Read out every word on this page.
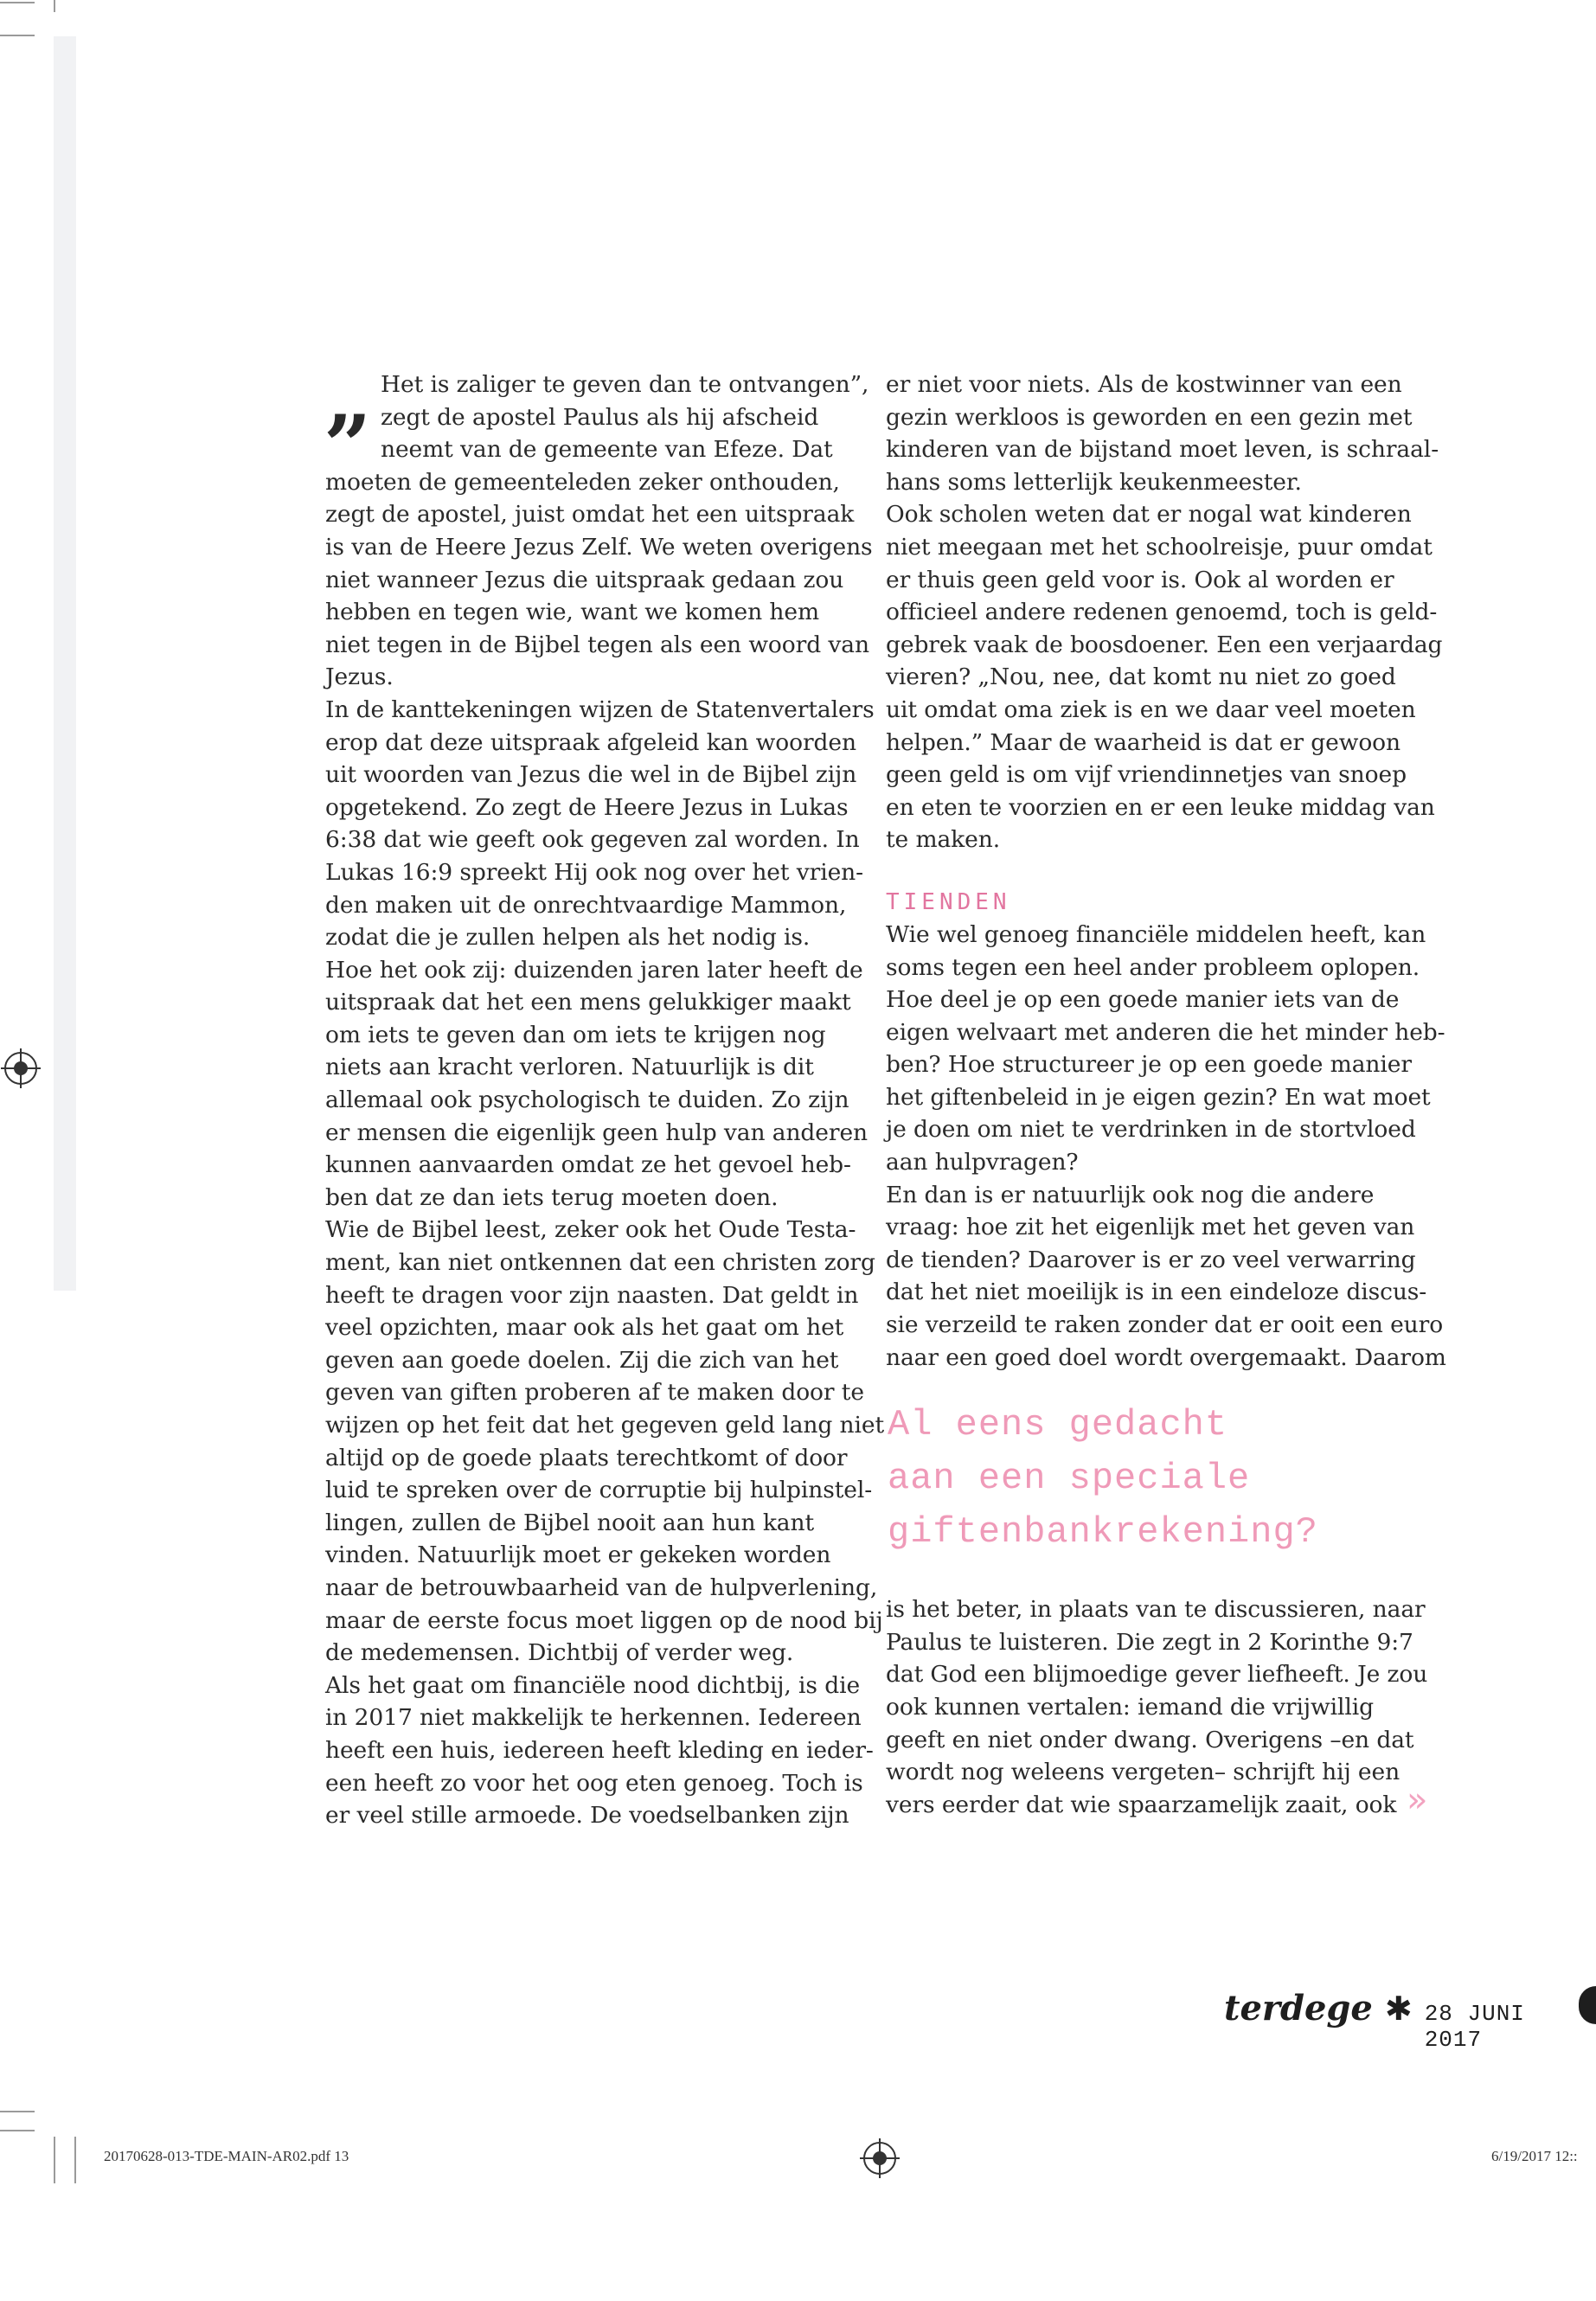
”

Het is zaliger te geven dan te ontvangen”,

zegt de apostel Paulus als hij afscheid

neemt van de gemeente van Efeze. Dat

moeten de gemeenteleden zeker onthouden,

zegt de apostel, juist omdat het een uitspraak

is van de Heere Jezus Zelf. We weten overigens

niet wanneer Jezus die uitspraak gedaan zou

hebben en tegen wie, want we komen hem

niet tegen in de Bijbel tegen als een woord van

Jezus.

In de kanttekeningen wijzen de Statenvertalers

erop dat deze uitspraak afgeleid kan woorden

uit woorden van Jezus die wel in de Bijbel zijn

opgetekend. Zo zegt de Heere Jezus in Lukas

6:38 dat wie geeft ook gegeven zal worden. In

Lukas 16:9 spreekt Hij ook nog over het vrien-

den maken uit de onrechtvaardige Mammon,

zodat die je zullen helpen als het nodig is.

Hoe het ook zij: duizenden jaren later heeft de

uitspraak dat het een mens gelukkiger maakt

om iets te geven dan om iets te krijgen nog

niets aan kracht verloren. Natuurlijk is dit

allemaal ook psychologisch te duiden. Zo zijn

er mensen die eigenlijk geen hulp van anderen

kunnen aanvaarden omdat ze het gevoel heb-

ben dat ze dan iets terug moeten doen.

Wie de Bijbel leest, zeker ook het Oude Testa-

ment, kan niet ontkennen dat een christen zorg

heeft te dragen voor zijn naasten. Dat geldt in

veel opzichten, maar ook als het gaat om het

geven aan goede doelen. Zij die zich van het

geven van giften proberen af te maken door te

wijzen op het feit dat het gegeven geld lang niet

altijd op de goede plaats terechtkomt of door

luid te spreken over de corruptie bij hulpinstel-

lingen, zullen de Bijbel nooit aan hun kant

vinden. Natuurlijk moet er gekeken worden

naar de betrouwbaarheid van de hulpverlening,

maar de eerste focus moet liggen op de nood bij

de medemensen. Dichtbij of verder weg.

Als het gaat om financiële nood dichtbij, is die

in 2017 niet makkelijk te herkennen. Iedereen

heeft een huis, iedereen heeft kleding en ieder-

een heeft zo voor het oog eten genoeg. Toch is

er veel stille armoede. De voedselbanken zijn

er niet voor niets. Als de kostwinner van een

gezin werkloos is geworden en een gezin met

kinderen van de bijstand moet leven, is schraal-

hans soms letterlijk keukenmeester.

Ook scholen weten dat er nogal wat kinderen

niet meegaan met het schoolreisje, puur omdat

er thuis geen geld voor is. Ook al worden er

officieel andere redenen genoemd, toch is geld-

gebrek vaak de boosdoener. Een een verjaardag

vieren? „Nou, nee, dat komt nu niet zo goed

uit omdat oma ziek is en we daar veel moeten

helpen.” Maar de waarheid is dat er gewoon

geen geld is om vijf vriendinnetjes van snoep

en eten te voorzien en er een leuke middag van

te maken.

TIENDEN

Wie wel genoeg financiële middelen heeft, kan

soms tegen een heel ander probleem oplopen.

Hoe deel je op een goede manier iets van de

eigen welvaart met anderen die het minder heb-

ben? Hoe structureer je op een goede manier

het giftenbeleid in je eigen gezin? En wat moet

je doen om niet te verdrinken in de stortvloed

aan hulpvragen?

En dan is er natuurlijk ook nog die andere

vraag: hoe zit het eigenlijk met het geven van

de tienden? Daarover is er zo veel verwarring

dat het niet moeilijk is in een eindeloze discus-

sie verzeild te raken zonder dat er ooit een euro

naar een goed doel wordt overgemaakt. Daarom

is het beter, in plaats van te discussieren, naar

Paulus te luisteren. Die zegt in 2 Korinthe 9:7

dat God een blijmoedige gever liefheeft. Je zou

ook kunnen vertalen: iemand die vrijwillig

geeft en niet onder dwang. Overigens –en dat

wordt nog weleens vergeten– schrijft hij een

vers eerder dat wie spaarzamelijk zaait, ook

Al eens gedacht

aan een speciale

giftenbankrekening?

»
terdege ✱ 28 JUNI 2017
20170628-013-TDE-MAIN-AR02.pdf 13	6/19/2017 12::
